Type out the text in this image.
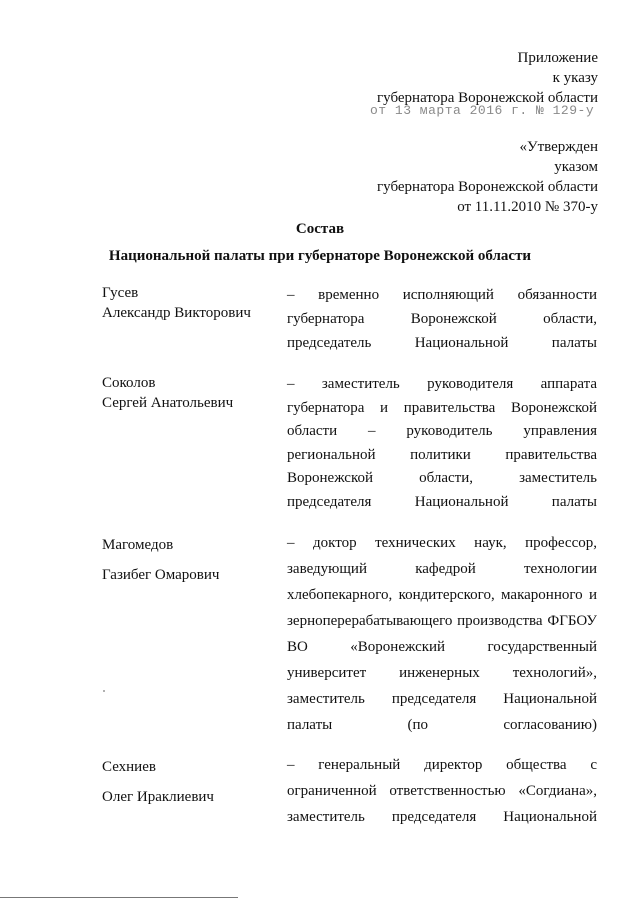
Приложение
к указу
губернатора Воронежской области
от 13 марта 2016 г. № 129-у
«Утвержден
указом
губернатора Воронежской области
от 11.11.2010 № 370-у
Состав
Национальной палаты при губернаторе Воронежской области
Гусев
Александр Викторович
– временно исполняющий обязанности губернатора Воронежской области, председатель Национальной палаты
Соколов
Сергей Анатольевич
– заместитель руководителя аппарата губернатора и правительства Воронежской области – руководитель управления региональной политики правительства Воронежской области, заместитель председателя Национальной палаты
Магомедов
Газибег Омарович
– доктор технических наук, профессор, заведующий кафедрой технологии хлебопекарного, кондитерского, макаронного и зерноперерабатывающего производства ФГБОУ ВО «Воронежский государственный университет инженерных технологий», заместитель председателя Национальной палаты (по согласованию)
Сехниев
Олег Ираклиевич
– генеральный директор общества с ограниченной ответственностью «Согдиана», заместитель председателя Национальной
